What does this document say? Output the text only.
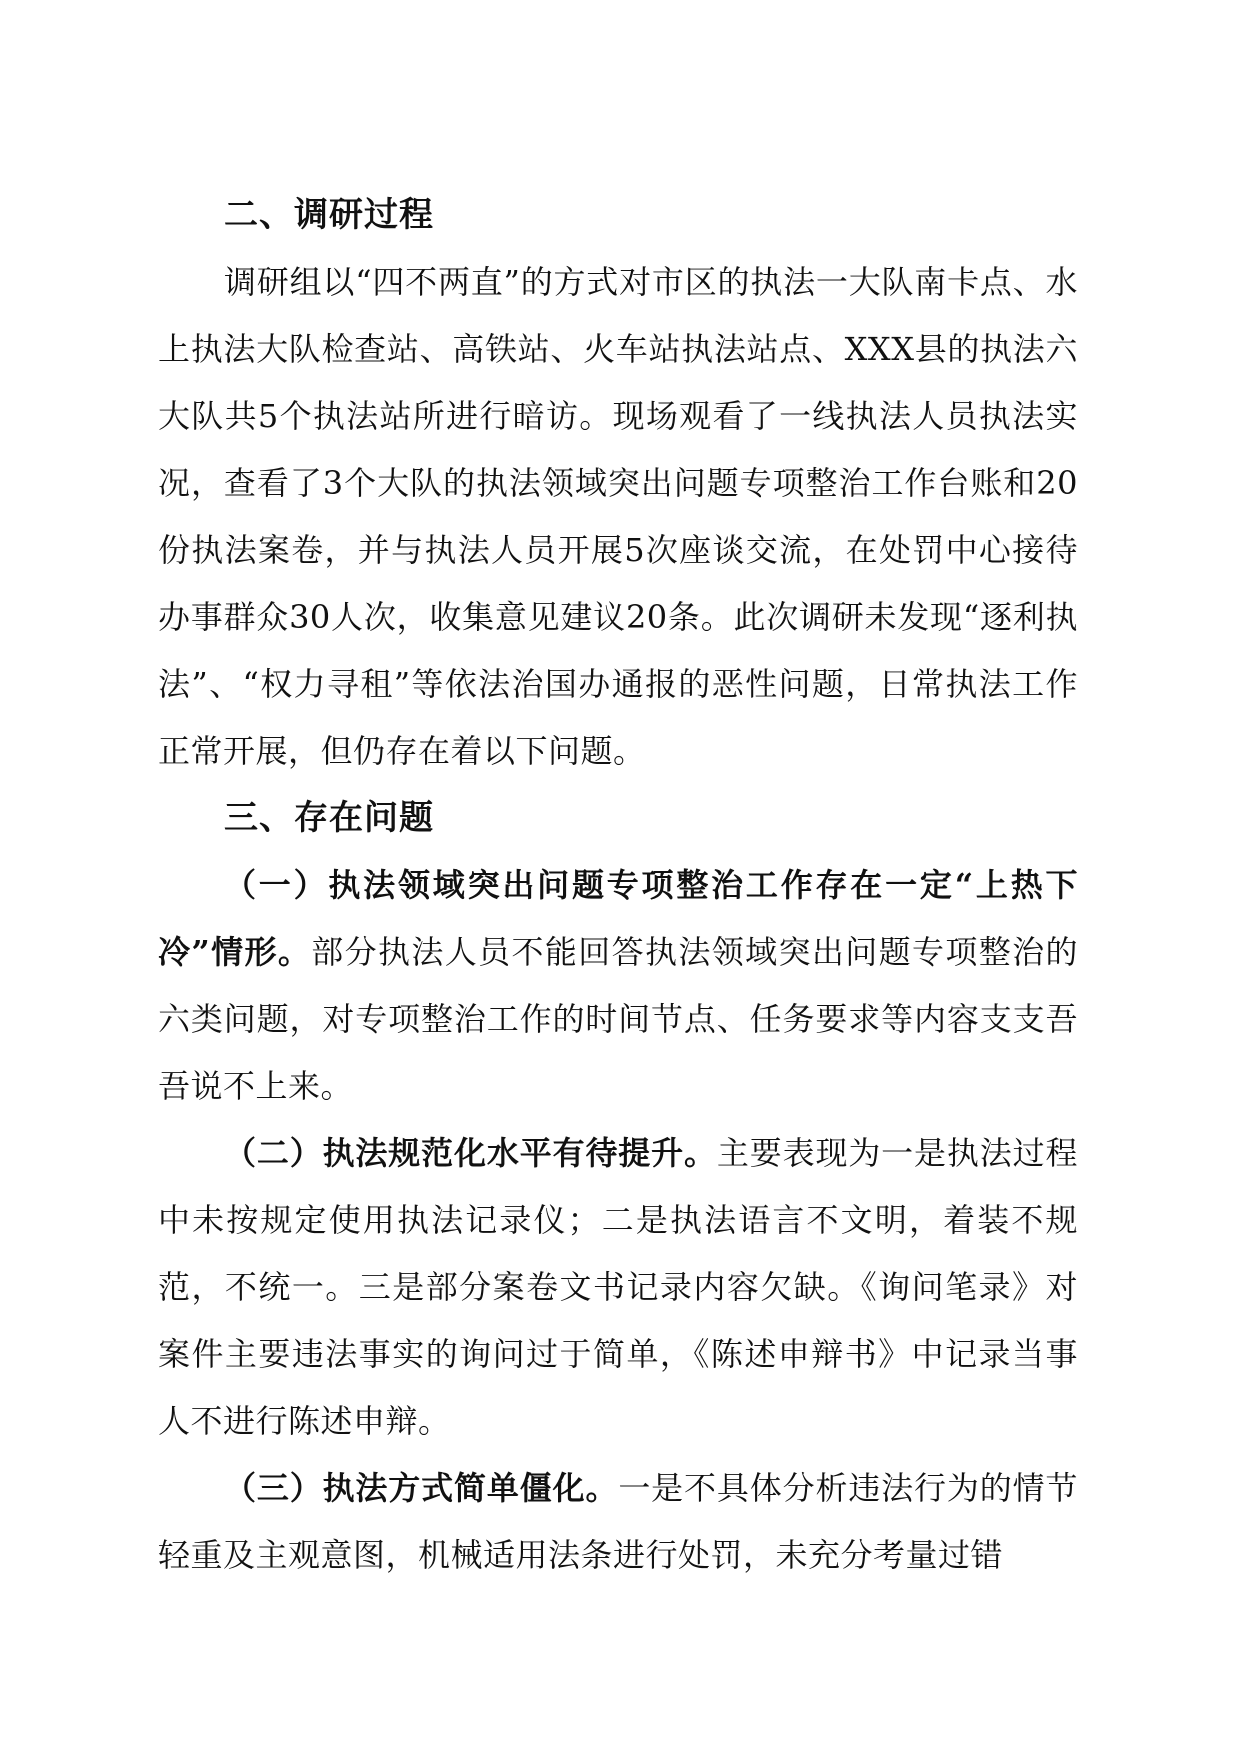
二、调研过程

调研组以“四不两直”的方式对市区的执法一大队南卡点、水上执法大队检查站、高铁站、火车站执法站点、XXX县的执法六大队共5个执法站所进行暗访。现场观看了一线执法人员执法实况，查看了3个大队的执法领域突出问题专项整治工作台账和20份执法案卷，并与执法人员开展5次座谈交流，在处罚中心接待办事群众30人次，收集意见建议20条。此次调研未发现“逐利执法”、“权力寻租”等依法治国办通报的恶性问题，日常执法工作正常开展，但仍存在着以下问题。

三、存在问题

（一）执法领域突出问题专项整治工作存在一定“上热下冷”情形。部分执法人员不能回答执法领域突出问题专项整治的六类问题，对专项整治工作的时间节点、任务要求等内容支支吾吾说不上来。

（二）执法规范化水平有待提升。主要表现为一是执法过程中未按规定使用执法记录仪；二是执法语言不文明，着装不规范，不统一。三是部分案卷文书记录内容欠缺。《询问笔录》对案件主要违法事实的询问过于简单，《陈述申辩书》中记录当事人不进行陈述申辩。

（三）执法方式简单僵化。一是不具体分析违法行为的情节轻重及主观意图，机械适用法条进行处罚，未充分考量过错
